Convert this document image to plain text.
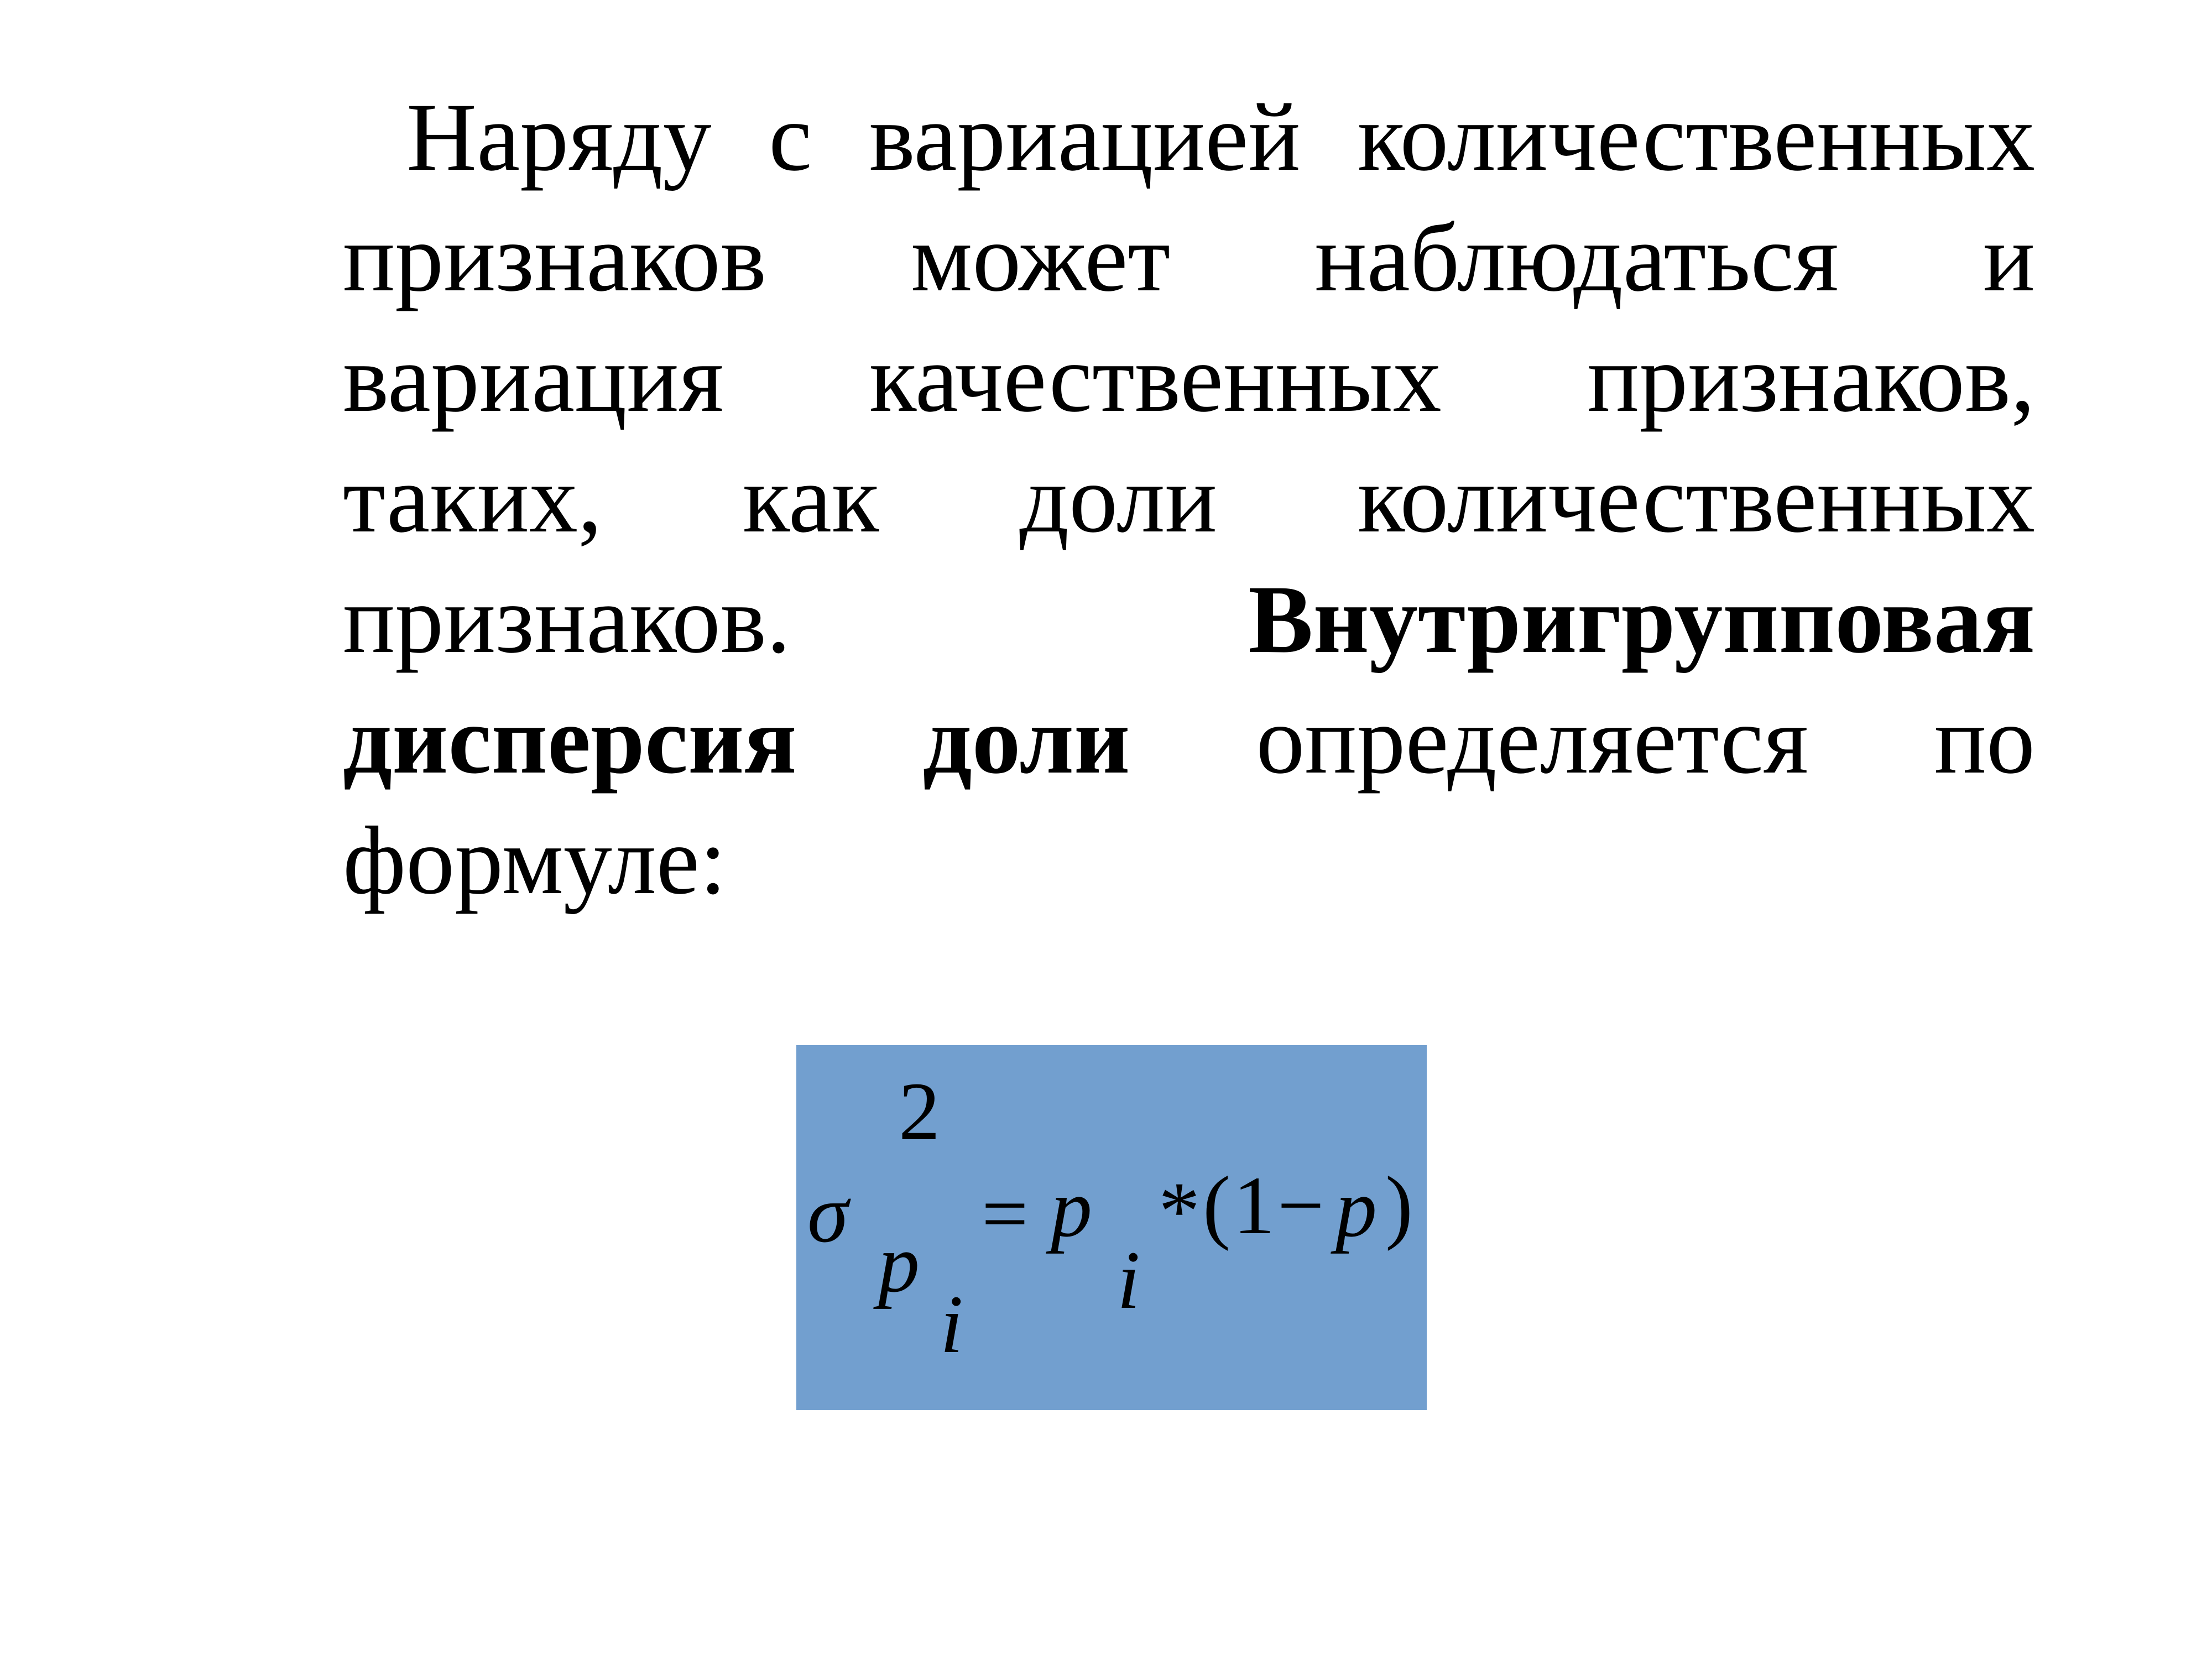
Наряду с вариацией количественных признаков может наблюдаться и вариация качественных признаков, таких, как доли количественных признаков. Внутригрупповая дисперсия доли определяется по формуле:

σ
2
p
i
= p
i
* ( 1 − p )
